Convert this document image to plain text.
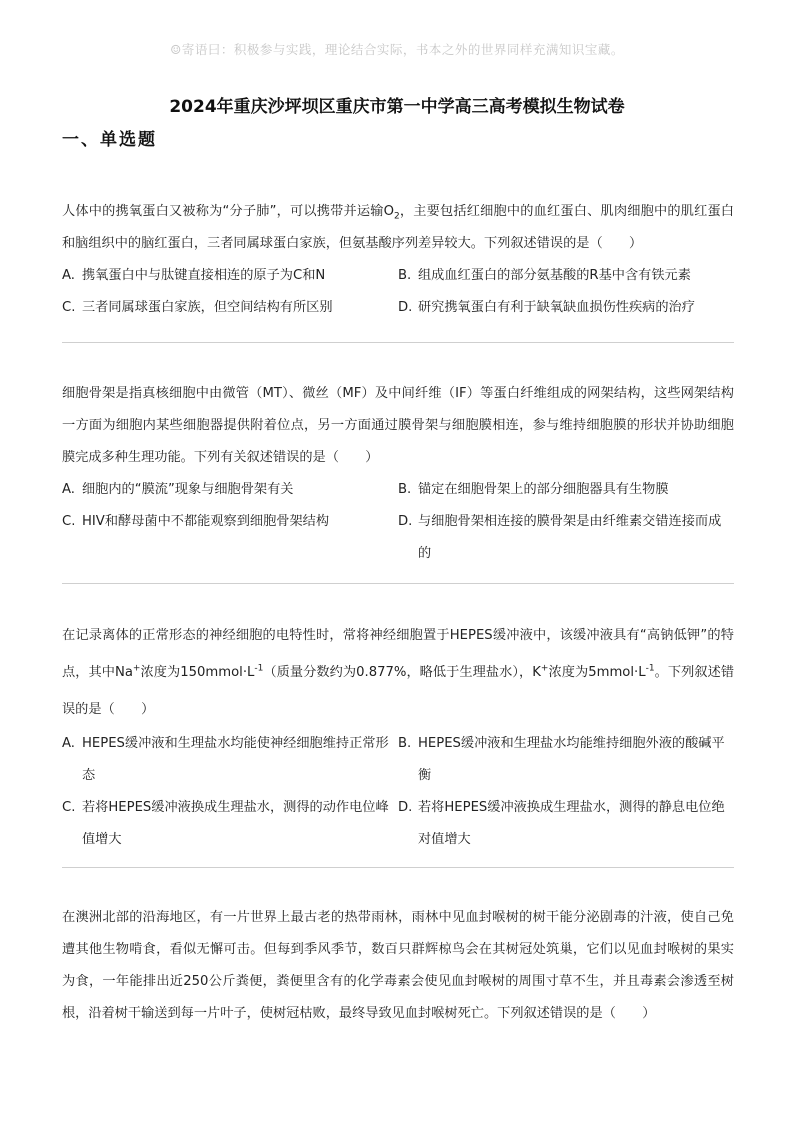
☺寄语曰：积极参与实践，理论结合实际，书本之外的世界同样充满知识宝藏。
2024年重庆沙坪坝区重庆市第一中学高三高考模拟生物试卷
一、单选题
人体中的携氧蛋白又被称为“分子肺”，可以携带并运输$O_2$，主要包括红细胞中的血红蛋白、肌肉细胞中的肌红蛋白和脑组织中的脑红蛋白，三者同属球蛋白家族，但氨基酸序列差异较大。下列叙述错误的是（　　）
A. 携氧蛋白中与肽键直接相连的原子为C和N	B. 组成血红蛋白的部分氨基酸的R基中含有铁元素
C. 三者同属球蛋白家族，但空间结构有所区别	D. 研究携氧蛋白有利于缺氧缺血损伤性疾病的治疗
细胞骨架是指真核细胞中由微管（MT）、微丝（MF）及中间纤维（IF）等蛋白纤维组成的网架结构，这些网架结构一方面为细胞内某些细胞器提供附着位点，另一方面通过膜骨架与细胞膜相连，参与维持细胞膜的形状并协助细胞膜完成多种生理功能。下列有关叙述错误的是（　　）
A. 细胞内的“膜流”现象与细胞骨架有关	B. 锚定在细胞骨架上的部分细胞器具有生物膜
C. HIV和酵母菌中不都能观察到细胞骨架结构	D. 与细胞骨架相连接的膜骨架是由纤维素交错连接而成的
在记录离体的正常形态的神经细胞的电特性时，常将神经细胞置于HEPES缓冲液中，该缓冲液具有“高钠低钾”的特点，其中Na+浓度为$150mmol\cdot L^{-1}$（质量分数约为0.877%，略低于生理盐水），K+浓度为$5mmol\cdot L^{-1}$。下列叙述错误的是（　　）
A. HEPES缓冲液和生理盐水均能使神经细胞维持正常形态
B. HEPES缓冲液和生理盐水均能维持细胞外液的酸碱平衡
C. 若将HEPES缓冲液换成生理盐水，测得的动作电位峰值增大
D. 若将HEPES缓冲液换成生理盐水，测得的静息电位绝对值增大
在澳洲北部的沿海地区，有一片世界上最古老的热带雨林，雨林中见血封喉树的树干能分泌剧毒的汁液，使自己免遭其他生物啃食，看似无懈可击。但每到季风季节，数百只群辉椋鸟会在其树冠处筑巢，它们以见血封喉树的果实为食，一年能排出近250公斤粪便，粪便里含有的化学毒素会使见血封喉树的周围寸草不生，并且毒素会渗透至树根，沿着树干输送到每一片叶子，使树冠枯败，最终导致见血封喉树死亡。下列叙述错误的是（　　）
